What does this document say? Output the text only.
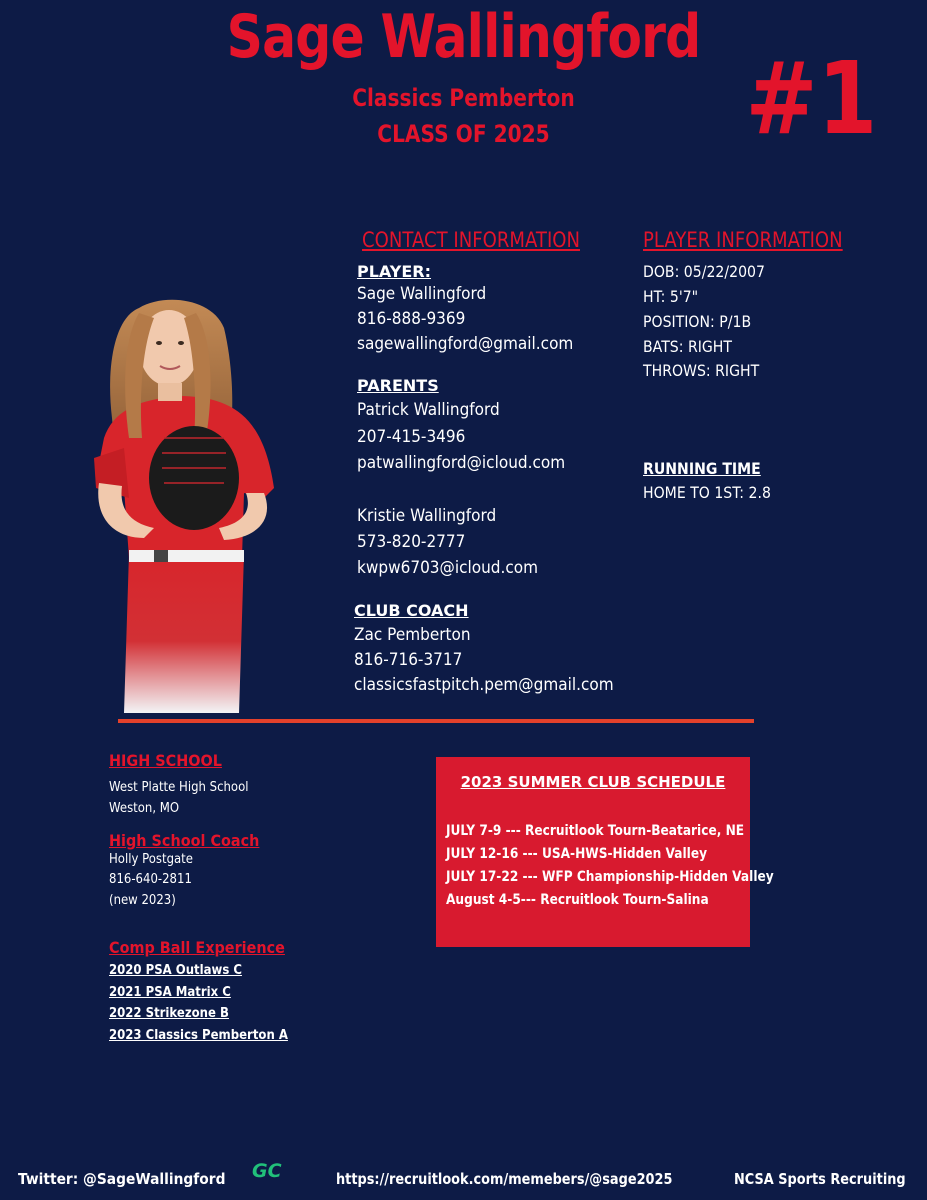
Sage Wallingford
Classics Pemberton
CLASS OF 2025	#1
CONTACT INFORMATION
PLAYER:
Sage Wallingford
816-888-9369
sagewallingford@gmail.com
PARENTS
Patrick Wallingford
207-415-3496
patwallingford@icloud.com
Kristie Wallingford
573-820-2777
kwpw6703@icloud.com
CLUB COACH
Zac Pemberton
816-716-3717
classicsfastpitch.pem@gmail.com
PLAYER INFORMATION
DOB: 05/22/2007
HT: 5'7"
POSITION: P/1B
BATS: RIGHT
THROWS: RIGHT
RUNNING TIME
HOME TO 1ST: 2.8
HIGH SCHOOL
West Platte High School
Weston, MO
High School Coach
Holly Postgate
816-640-2811
(new 2023)
Comp Ball Experience
2020 PSA Outlaws C
2021 PSA Matrix C
2022 Strikezone B
2023 Classics Pemberton A
2023 SUMMER CLUB SCHEDULE
JULY 7-9 --- Recruitlook Tourn-Beatarice, NE
JULY 12-16 --- USA-HWS-Hidden Valley
JULY 17-22 --- WFP Championship-Hidden Valley
August 4-5--- Recruitlook Tourn-Salina
Twitter: @SageWallingford GC	https://recruitlook.com/memebers/@sage2025	NCSA Sports Recruiting
